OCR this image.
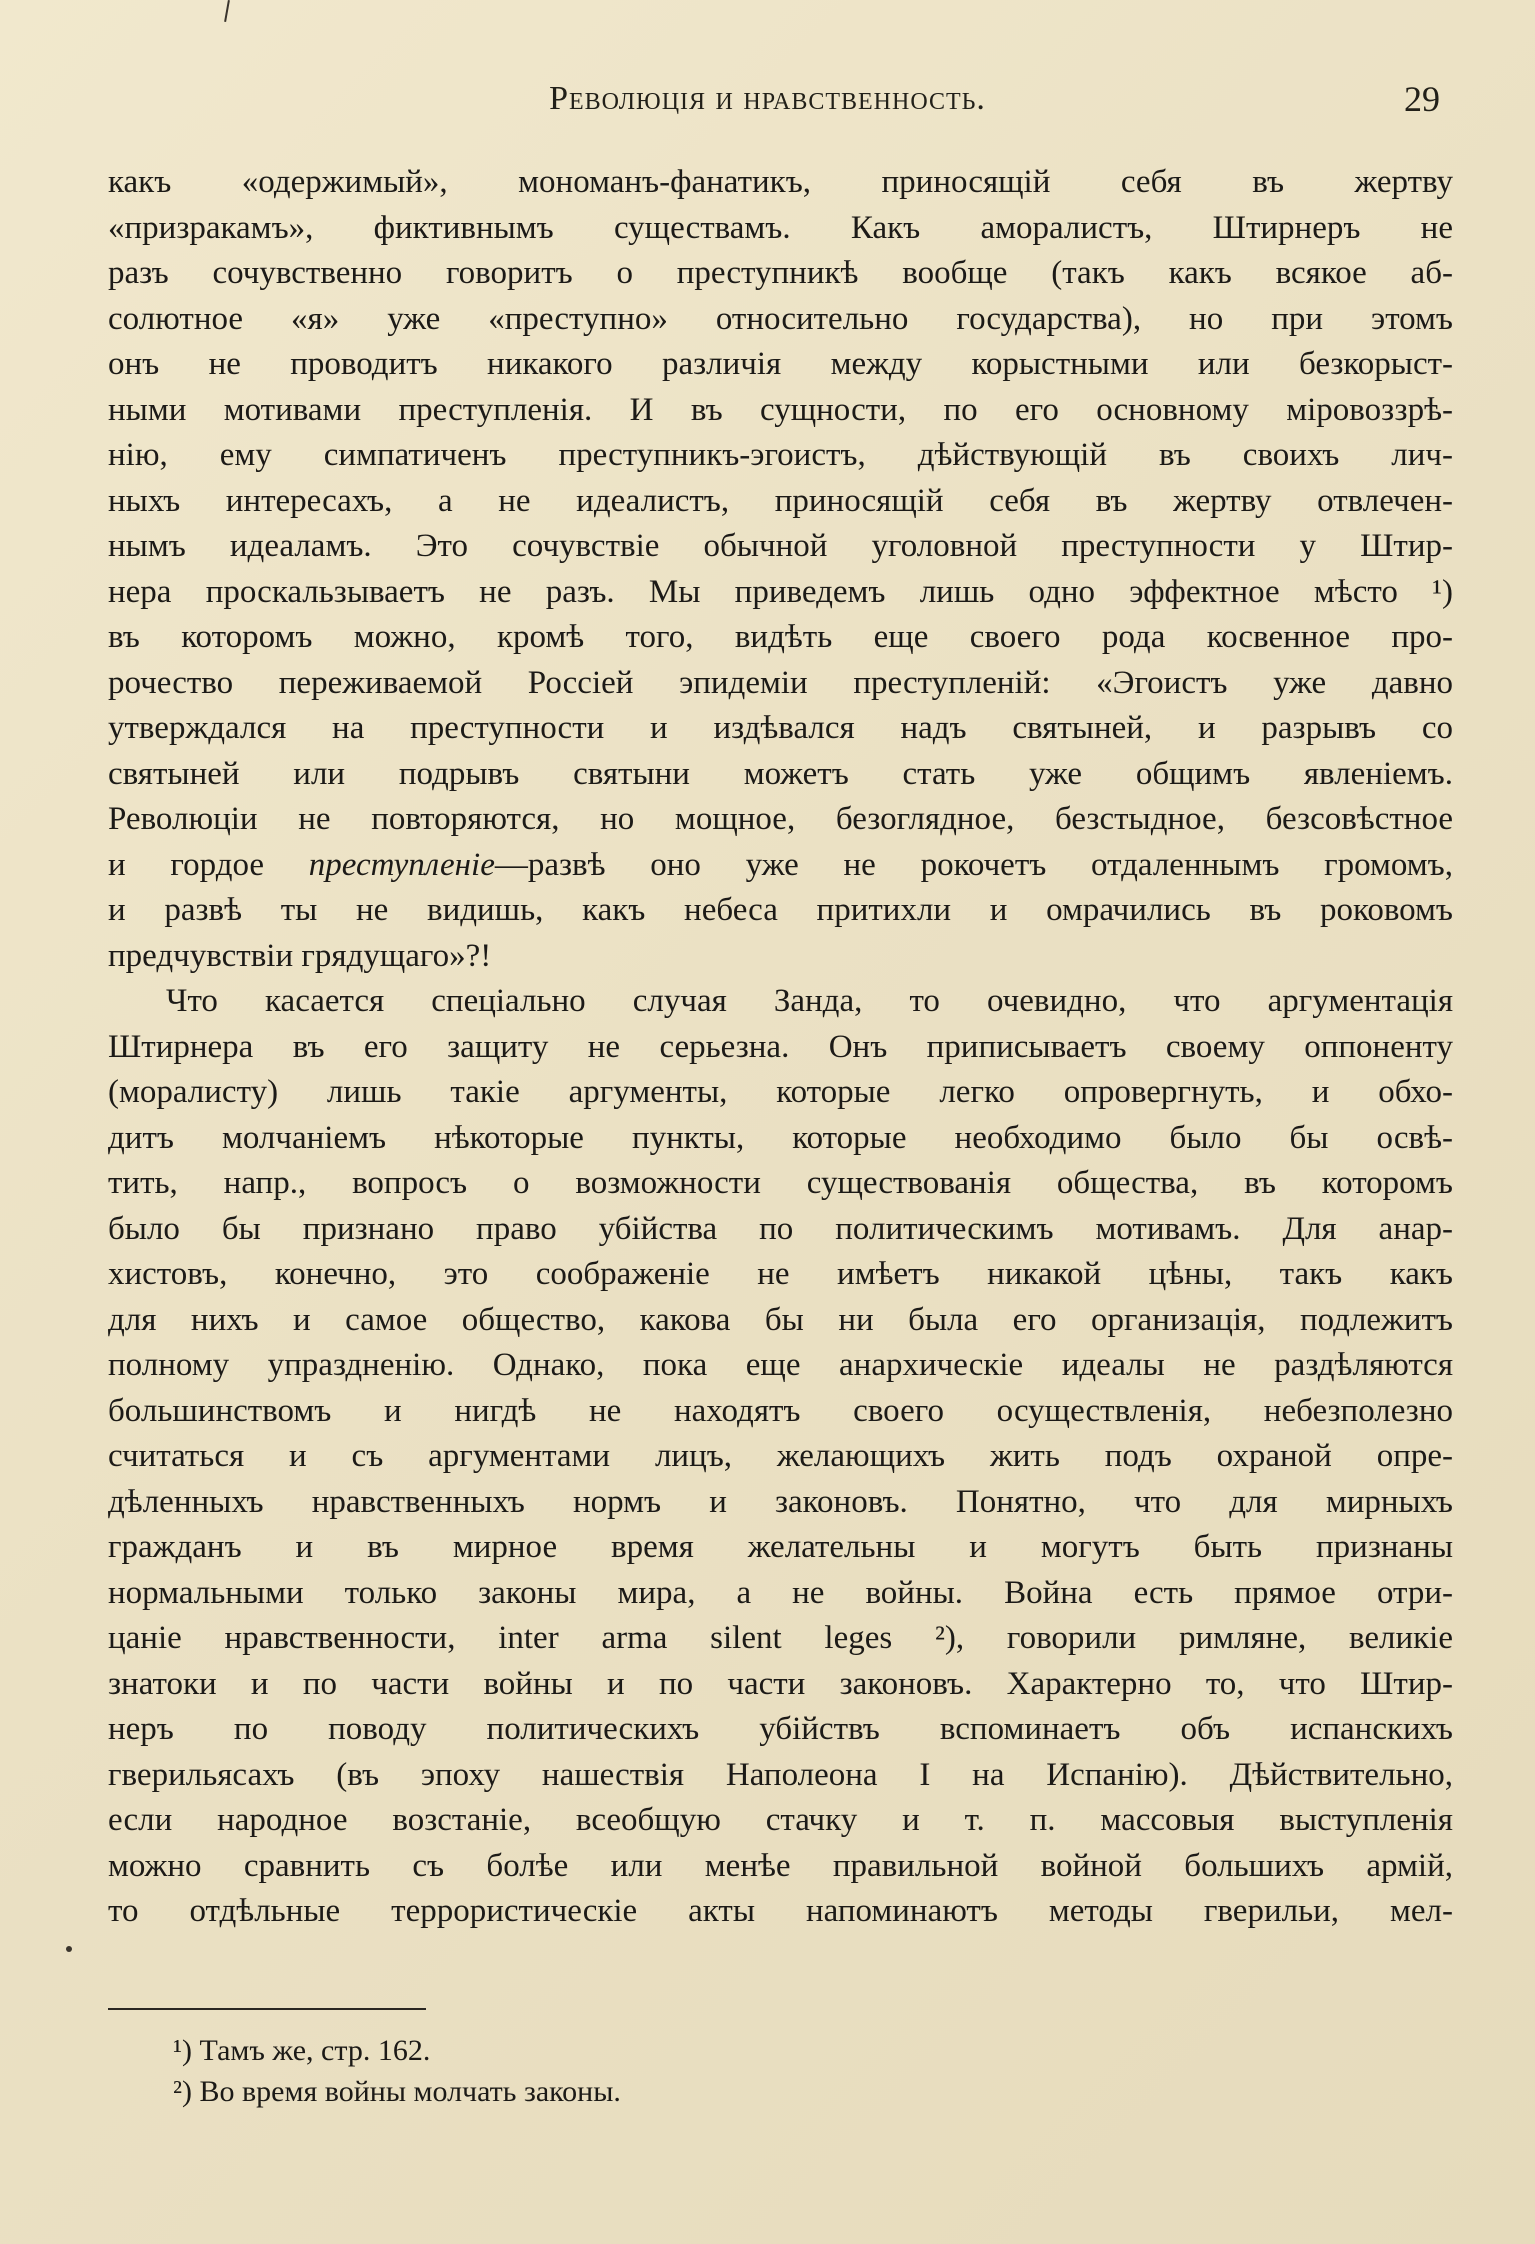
Революція и нравственность.	29
какъ «одержимый», мономанъ-фанатикъ, приносящій себя въ жертву
«призракамъ», фиктивнымъ существамъ. Какъ аморалистъ, Штирнеръ не
разъ сочувственно говоритъ о преступникѣ вообще (такъ какъ всякое аб-
солютное «я» уже «преступно» относительно государства), но при этомъ
онъ не проводитъ никакого различія между корыстными или безкорыст-
ными мотивами преступленія. И въ сущности, по его основному міровоззрѣ-
нію, ему симпатиченъ преступникъ-эгоистъ, дѣйствующій въ своихъ лич-
ныхъ интересахъ, а не идеалистъ, приносящій себя въ жертву отвлечен-
нымъ идеаламъ. Это сочувствіе обычной уголовной преступности у Штир-
нера проскальзываетъ не разъ. Мы приведемъ лишь одно эффектное мѣсто ¹)
въ которомъ можно, кромѣ того, видѣть еще своего рода косвенное про-
рочество переживаемой Россіей эпидеміи преступленій: «Эгоистъ уже давно
утверждался на преступности и издѣвался надъ святыней, и разрывъ со
святыней или подрывъ святыни можетъ стать уже общимъ явленіемъ.
Революціи не повторяются, но мощное, безоглядное, безстыдное, безсовѣстное
и гордое преступленіе—развѣ оно уже не рокочетъ отдаленнымъ громомъ,
и развѣ ты не видишь, какъ небеса притихли и омрачились въ роковомъ
предчувствіи грядущаго»?!
Что касается спеціально случая Занда, то очевидно, что аргументація
Штирнера въ его защиту не серьезна. Онъ приписываетъ своему оппоненту
(моралисту) лишь такіе аргументы, которые легко опровергнуть, и обхо-
дитъ молчаніемъ нѣкоторые пункты, которые необходимо было бы освѣ-
тить, напр., вопросъ о возможности существованія общества, въ которомъ
было бы признано право убійства по политическимъ мотивамъ. Для анар-
хистовъ, конечно, это соображеніе не имѣетъ никакой цѣны, такъ какъ
для нихъ и самое общество, какова бы ни была его организація, подлежитъ
полному упраздненію. Однако, пока еще анархическіе идеалы не раздѣляются
большинствомъ и нигдѣ не находятъ своего осуществленія, небезполезно
считаться и съ аргументами лицъ, желающихъ жить подъ охраной опре-
дѣленныхъ нравственныхъ нормъ и законовъ. Понятно, что для мирныхъ
гражданъ и въ мирное время желательны и могутъ быть признаны
нормальными только законы мира, а не войны. Война есть прямое отри-
цаніе нравственности, inter arma silent leges ²), говорили римляне, великіе
знатоки и по части войны и по части законовъ. Характерно то, что Штир-
неръ по поводу политическихъ убійствъ вспоминаетъ объ испанскихъ
гверильясахъ (въ эпоху нашествія Наполеона I на Испанію). Дѣйствительно,
если народное возстаніе, всеобщую стачку и т. п. массовыя выступленія
можно сравнить съ болѣе или менѣе правильной войной большихъ армій,
то отдѣльные террористическіе акты напоминаютъ методы гверильи, мел-
¹) Тамъ же, стр. 162.
²) Во время войны молчать законы.
